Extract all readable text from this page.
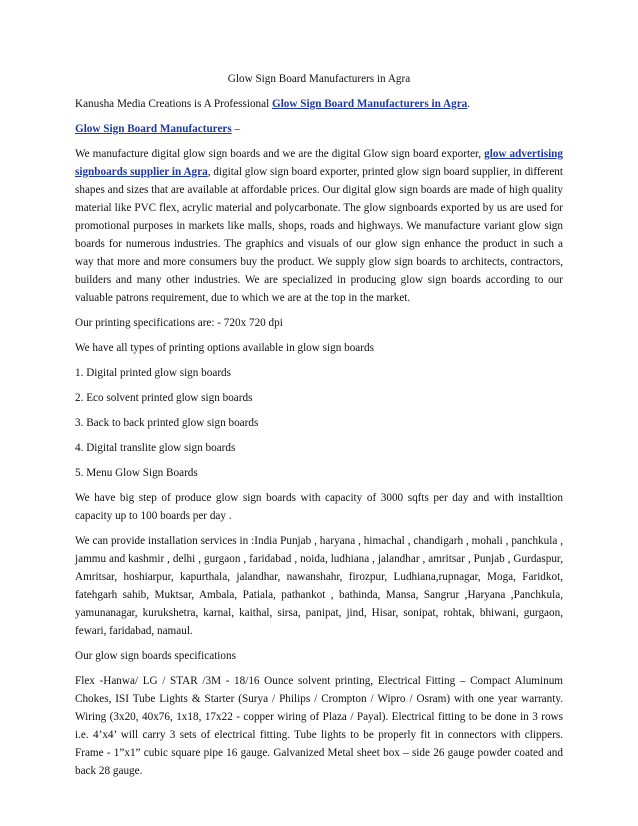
Glow Sign Board Manufacturers in Agra

Kanusha Media Creations is A Professional Glow Sign Board Manufacturers in Agra.

Glow Sign Board Manufacturers –

We manufacture digital glow sign boards and we are the digital Glow sign board exporter, glow advertising signboards supplier in Agra, digital glow sign board exporter, printed glow sign board supplier, in different shapes and sizes that are available at affordable prices. Our digital glow sign boards are made of high quality material like PVC flex, acrylic material and polycarbonate. The glow signboards exported by us are used for promotional purposes in markets like malls, shops, roads and highways. We manufacture variant glow sign boards for numerous industries. The graphics and visuals of our glow sign enhance the product in such a way that more and more consumers buy the product. We supply glow sign boards to architects, contractors, builders and many other industries. We are specialized in producing glow sign boards according to our valuable patrons requirement, due to which we are at the top in the market.

Our printing specifications are: - 720x 720 dpi

We have all types of printing options available in glow sign boards

1. Digital printed glow sign boards

2. Eco solvent printed glow sign boards

3. Back to back printed glow sign boards

4. Digital translite glow sign boards

5. Menu Glow Sign Boards

We have big step of produce glow sign boards with capacity of 3000 sqfts per day and with installtion capacity up to 100 boards per day .

We can provide installation services in :India Punjab , haryana , himachal , chandigarh , mohali , panchkula , jammu and kashmir , delhi , gurgaon , faridabad , noida, ludhiana , jalandhar , amritsar , Punjab , Gurdaspur, Amritsar, hoshiarpur, kapurthala, jalandhar, nawanshahr, firozpur, Ludhiana,rupnagar, Moga, Faridkot, fatehgarh sahib, Muktsar, Ambala, Patiala, pathankot , bathinda, Mansa, Sangrur ,Haryana ,Panchkula, yamunanagar, kurukshetra, karnal, kaithal, sirsa, panipat, jind, Hisar, sonipat, rohtak, bhiwani, gurgaon, fewari, faridabad, namaul.

Our glow sign boards specifications

Flex -Hanwa/ LG / STAR /3M - 18/16 Ounce solvent printing, Electrical Fitting – Compact Aluminum Chokes, ISI Tube Lights & Starter (Surya / Philips / Crompton / Wipro / Osram) with one year warranty. Wiring (3x20, 40x76, 1x18, 17x22 - copper wiring of Plaza / Payal). Electrical fitting to be done in 3 rows i.e. 4’x4’ will carry 3 sets of electrical fitting. Tube lights to be properly fit in connectors with clippers. Frame - 1”x1” cubic square pipe 16 gauge. Galvanized Metal sheet box – side 26 gauge powder coated and back 28 gauge.
